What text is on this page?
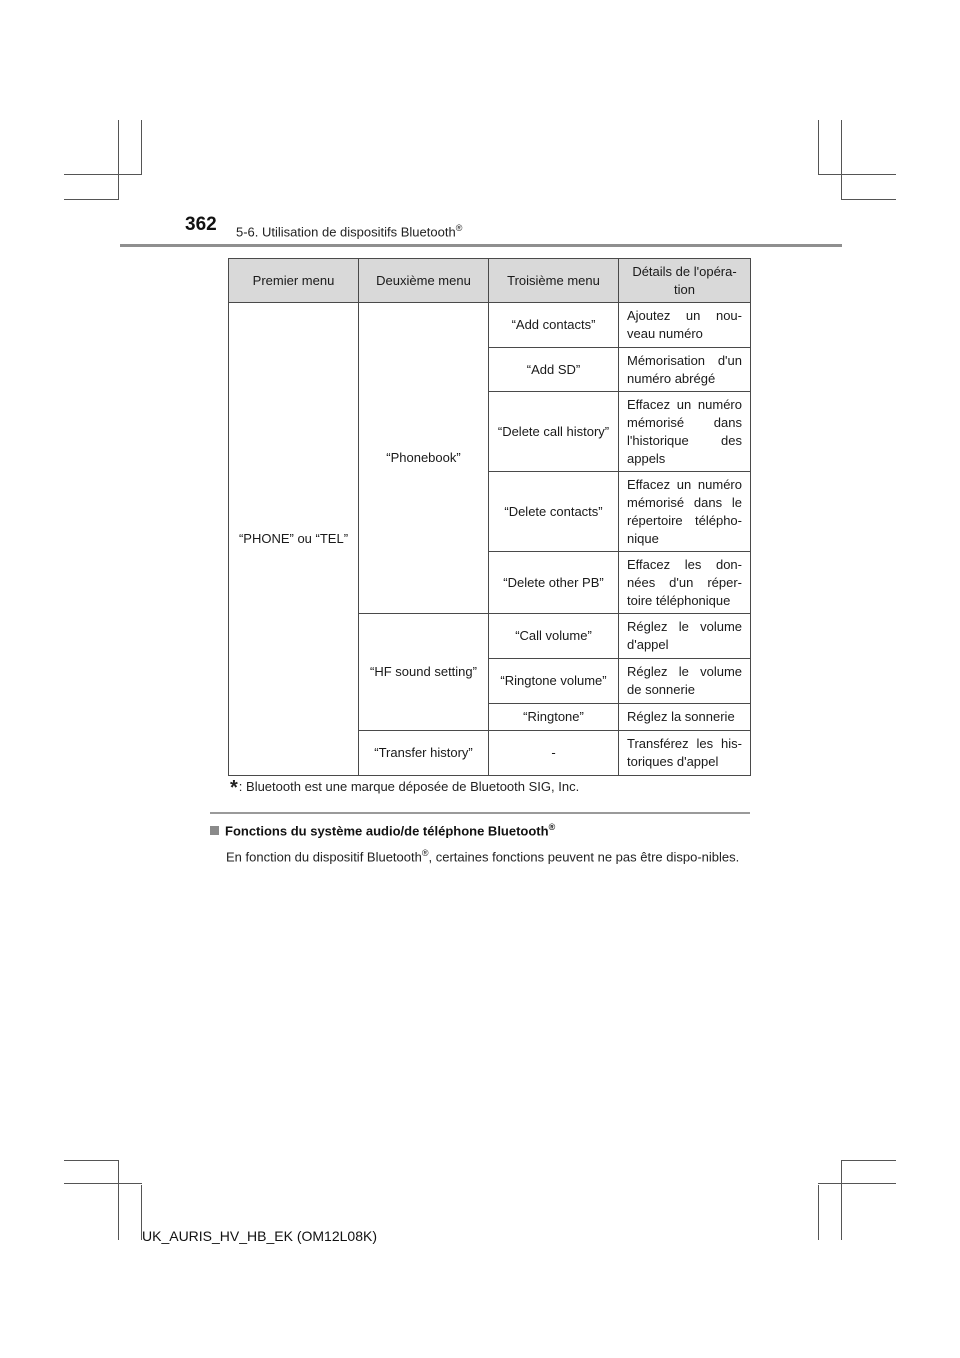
362 5-6. Utilisation de dispositifs Bluetooth®
Premier menu	Deuxième menu	Troisième menu	Détails de l'opéra-tion
“PHONE” ou “TEL”	“Phonebook”	“Add contacts”	Ajoutez un nou-veau numéro
		“Add SD”	Mémorisation d'un numéro abrégé
		“Delete call history”	Effacez un numéro mémorisé dans l'historique des appels
		“Delete contacts”	Effacez un numéro mémorisé dans le répertoire télépho-nique
		“Delete other PB”	Effacez les don-nées d'un réper-toire téléphonique
	“HF sound setting”	“Call volume”	Réglez le volume d'appel
		“Ringtone volume”	Réglez le volume de sonnerie
		“Ringtone”	Réglez la sonnerie
	“Transfer history”	-	Transférez les his-toriques d'appel
*: Bluetooth est une marque déposée de Bluetooth SIG, Inc.
Fonctions du système audio/de téléphone Bluetooth®
En fonction du dispositif Bluetooth®, certaines fonctions peuvent ne pas être dispo-nibles.
UK_AURIS_HV_HB_EK (OM12L08K)
